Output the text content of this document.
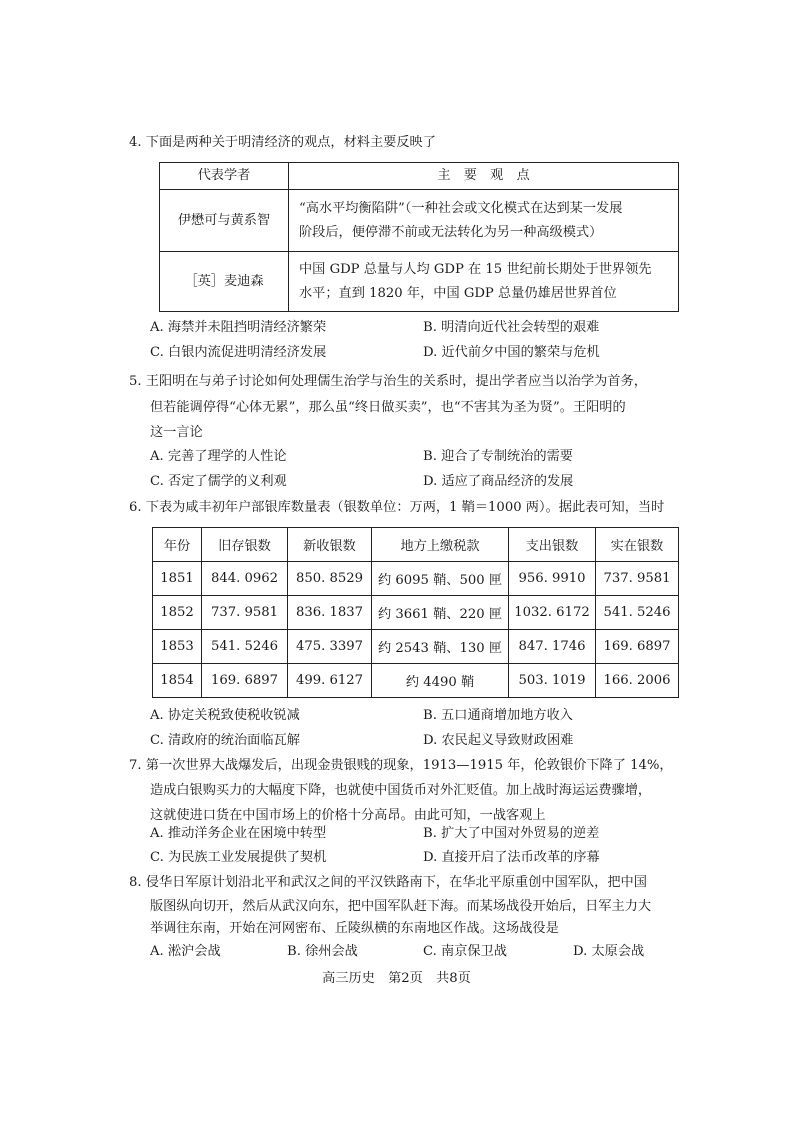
4. 下面是两种关于明清经济的观点，材料主要反映了
代表学者	主　要　观　点
伊懋可与黄系智	“高水平均衡陷阱”（一种社会或文化模式在达到某一发展
阶段后，便停滞不前或无法转化为另一种高级模式）

［英］麦迪森	中国 GDP 总量与人均 GDP 在 15 世纪前长期处于世界领先
水平；直到 1820 年，中国 GDP 总量仍雄居世界首位
A. 海禁并未阻挡明清经济繁荣	B. 明清向近代社会转型的艰难
C. 白银内流促进明清经济发展	D. 近代前夕中国的繁荣与危机
5. 王阳明在与弟子讨论如何处理儒生治学与治生的关系时，提出学者应当以治学为首务，
但若能调停得“心体无累”，那么虽“终日做买卖”，也“不害其为圣为贤”。王阳明的
这一言论
A. 完善了理学的人性论	B. 迎合了专制统治的需要
C. 否定了儒学的义利观	D. 适应了商品经济的发展
6. 下表为咸丰初年户部银库数量表（银数单位：万两，1 鞘＝1000 两）。据此表可知，当时
年份	旧存银数	新收银数	地方上缴税款	支出银数	实在银数
1851	844. 0962	850. 8529	约 6095 鞘、500 匣	956. 9910	737. 9581
1852	737. 9581	836. 1837	约 3661 鞘、220 匣	1032. 6172	541. 5246
1853	541. 5246	475. 3397	约 2543 鞘、130 匣	847. 1746	169. 6897
1854	169. 6897	499. 6127	约 4490 鞘	503. 1019	166. 2006
A. 协定关税致使税收锐减	B. 五口通商增加地方收入
C. 清政府的统治面临瓦解	D. 农民起义导致财政困难
7. 第一次世界大战爆发后，出现金贵银贱的现象，1913—1915 年，伦敦银价下降了 14%，
造成白银购买力的大幅度下降，也就使中国货币对外汇贬值。加上战时海运运费骤增，
这就使进口货在中国市场上的价格十分高昂。由此可知，一战客观上
A. 推动洋务企业在困境中转型	B. 扩大了中国对外贸易的逆差
C. 为民族工业发展提供了契机	D. 直接开启了法币改革的序幕
8. 侵华日军原计划沿北平和武汉之间的平汉铁路南下，在华北平原重创中国军队，把中国
版图纵向切开，然后从武汉向东，把中国军队赶下海。而某场战役开始后，日军主力大
举调往东南，开始在河网密布、丘陵纵横的东南地区作战。这场战役是
A. 淞沪会战	B. 徐州会战	C. 南京保卫战	D. 太原会战
高三历史　第2页　共8页
